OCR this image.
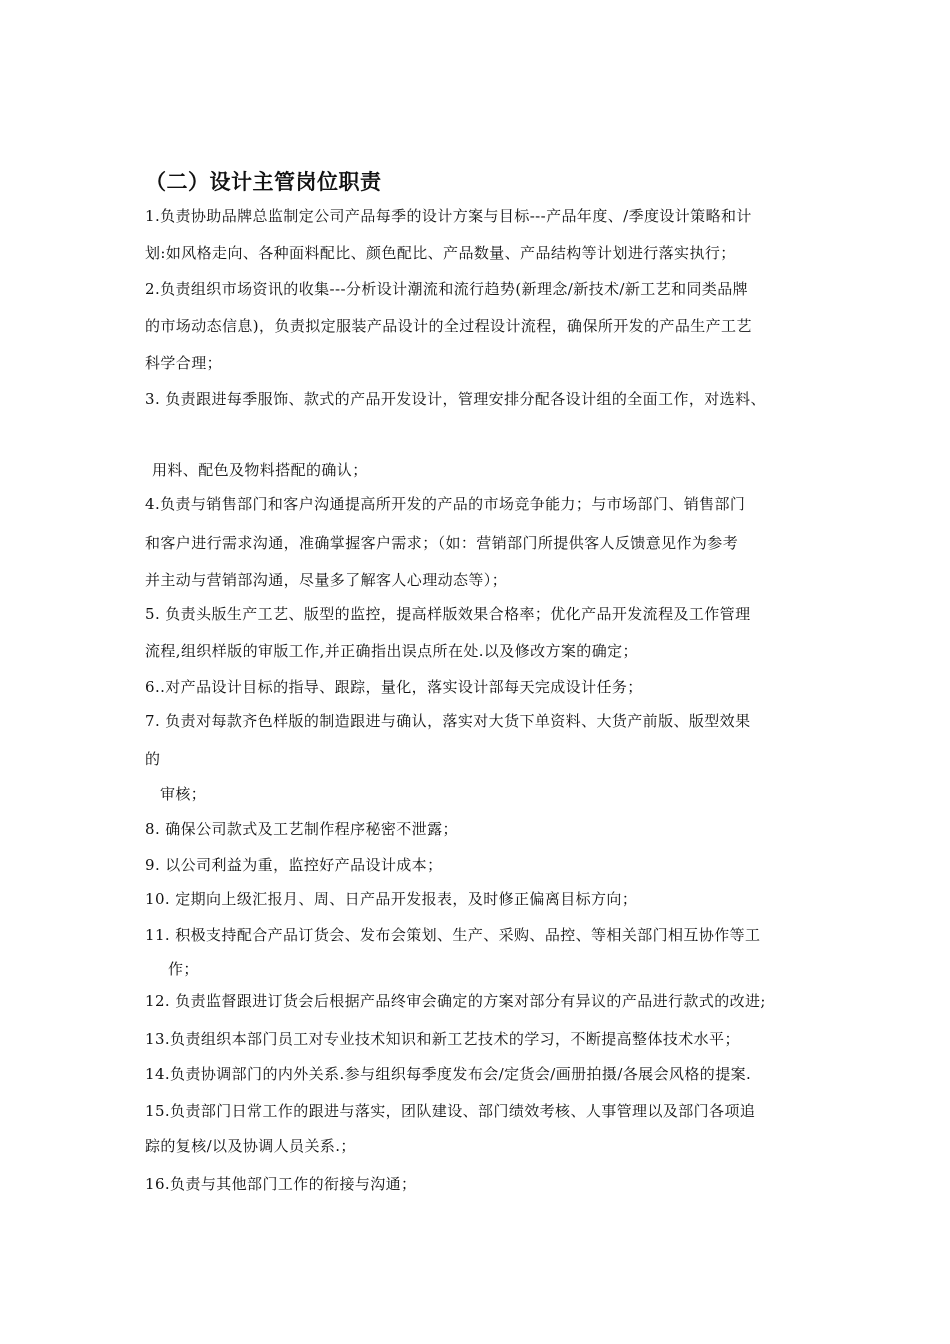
（二）设计主管岗位职责
1.负责协助品牌总监制定公司产品每季的设计方案与目标---产品年度、/季度设计策略和计
划:如风格走向、各种面料配比、颜色配比、产品数量、产品结构等计划进行落实执行；
2.负责组织市场资讯的收集---分析设计潮流和流行趋势(新理念/新技术/新工艺和同类品牌
的市场动态信息)，负责拟定服装产品设计的全过程设计流程，确保所开发的产品生产工艺
科学合理；
3. 负责跟进每季服饰、款式的产品开发设计，管理安排分配各设计组的全面工作，对选料、
用料、配色及物料搭配的确认；
4.负责与销售部门和客户沟通提高所开发的产品的市场竞争能力；与市场部门、销售部门
和客户进行需求沟通，准确掌握客户需求；（如：营销部门所提供客人反馈意见作为参考
并主动与营销部沟通，尽量多了解客人心理动态等）；
5. 负责头版生产工艺、版型的监控，提高样版效果合格率；优化产品开发流程及工作管理
流程,组织样版的审版工作,并正确指出误点所在处.以及修改方案的确定；
6..对产品设计目标的指导、跟踪，量化，落实设计部每天完成设计任务；
7. 负责对每款齐色样版的制造跟进与确认，落实对大货下单资料、大货产前版、版型效果
的
审核；
8. 确保公司款式及工艺制作程序秘密不泄露；
9. 以公司利益为重，监控好产品设计成本；
10. 定期向上级汇报月、周、日产品开发报表，及时修正偏离目标方向；
11. 积极支持配合产品订货会、发布会策划、生产、采购、品控、等相关部门相互协作等工
作；
12. 负责监督跟进订货会后根据产品终审会确定的方案对部分有异议的产品进行款式的改进;
13.负责组织本部门员工对专业技术知识和新工艺技术的学习，不断提高整体技术水平；
14.负责协调部门的内外关系.参与组织每季度发布会/定货会/画册拍摄/各展会风格的提案.
15.负责部门日常工作的跟进与落实，团队建设、部门绩效考核、人事管理以及部门各项追
踪的复核/以及协调人员关系.；
16.负责与其他部门工作的衔接与沟通；
